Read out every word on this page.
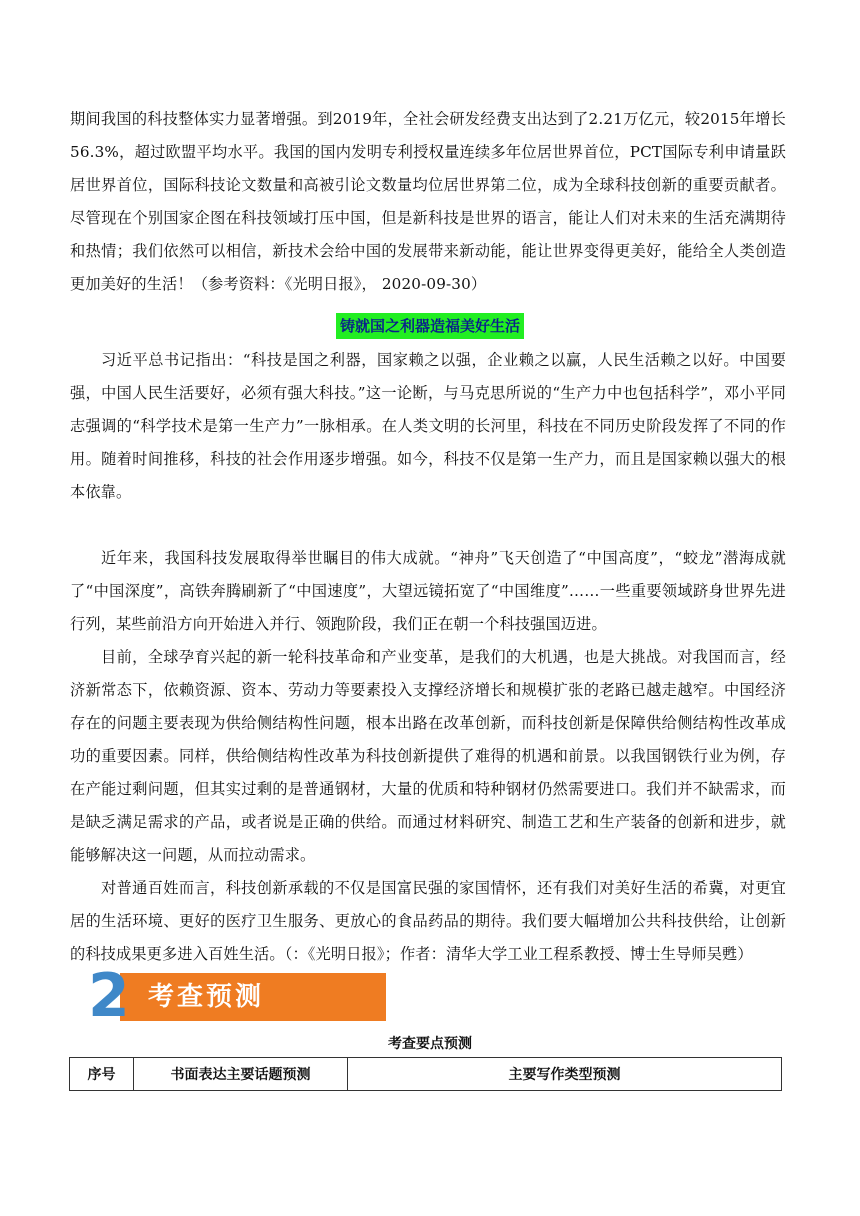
期间我国的科技整体实力显著增强。到2019年，全社会研发经费支出达到了2.21万亿元，较2015年增长56.3%，超过欧盟平均水平。我国的国内发明专利授权量连续多年位居世界首位，PCT国际专利申请量跃居世界首位，国际科技论文数量和高被引论文数量均位居世界第二位，成为全球科技创新的重要贡献者。尽管现在个别国家企图在科技领域打压中国，但是新科技是世界的语言，能让人们对未来的生活充满期待和热情；我们依然可以相信，新技术会给中国的发展带来新动能，能让世界变得更美好，能给全人类创造更加美好的生活！（参考资料：《光明日报》， 2020-09-30）

铸就国之利器造福美好生活

习近平总书记指出：“科技是国之利器，国家赖之以强，企业赖之以赢，人民生活赖之以好。中国要强，中国人民生活要好，必须有强大科技。”这一论断，与马克思所说的“生产力中也包括科学”，邓小平同志强调的“科学技术是第一生产力”一脉相承。在人类文明的长河里，科技在不同历史阶段发挥了不同的作用。随着时间推移，科技的社会作用逐步增强。如今，科技不仅是第一生产力，而且是国家赖以强大的根本依靠。

近年来，我国科技发展取得举世瞩目的伟大成就。“神舟”飞天创造了“中国高度”，“蛟龙”潜海成就了“中国深度”，高铁奔腾刷新了“中国速度”，大望远镜拓宽了“中国维度”……一些重要领域跻身世界先进行列，某些前沿方向开始进入并行、领跑阶段，我们正在朝一个科技强国迈进。

目前，全球孕育兴起的新一轮科技革命和产业变革，是我们的大机遇，也是大挑战。对我国而言，经济新常态下，依赖资源、资本、劳动力等要素投入支撑经济增长和规模扩张的老路已越走越窄。中国经济存在的问题主要表现为供给侧结构性问题，根本出路在改革创新，而科技创新是保障供给侧结构性改革成功的重要因素。同样，供给侧结构性改革为科技创新提供了难得的机遇和前景。以我国钢铁行业为例，存在产能过剩问题，但其实过剩的是普通钢材，大量的优质和特种钢材仍然需要进口。我们并不缺需求，而是缺乏满足需求的产品，或者说是正确的供给。而通过材料研究、制造工艺和生产装备的创新和进步，就能够解决这一问题，从而拉动需求。

对普通百姓而言，科技创新承载的不仅是国富民强的家国情怀，还有我们对美好生活的希冀，对更宜居的生活环境、更好的医疗卫生服务、更放心的食品药品的期待。我们要大幅增加公共科技供给，让创新的科技成果更多进入百姓生活。（：《光明日报》；作者：清华大学工业工程系教授、博士生导师吴甦）

2 考查预测
考查要点预测
序号	书面表达主要话题预测	主要写作类型预测
